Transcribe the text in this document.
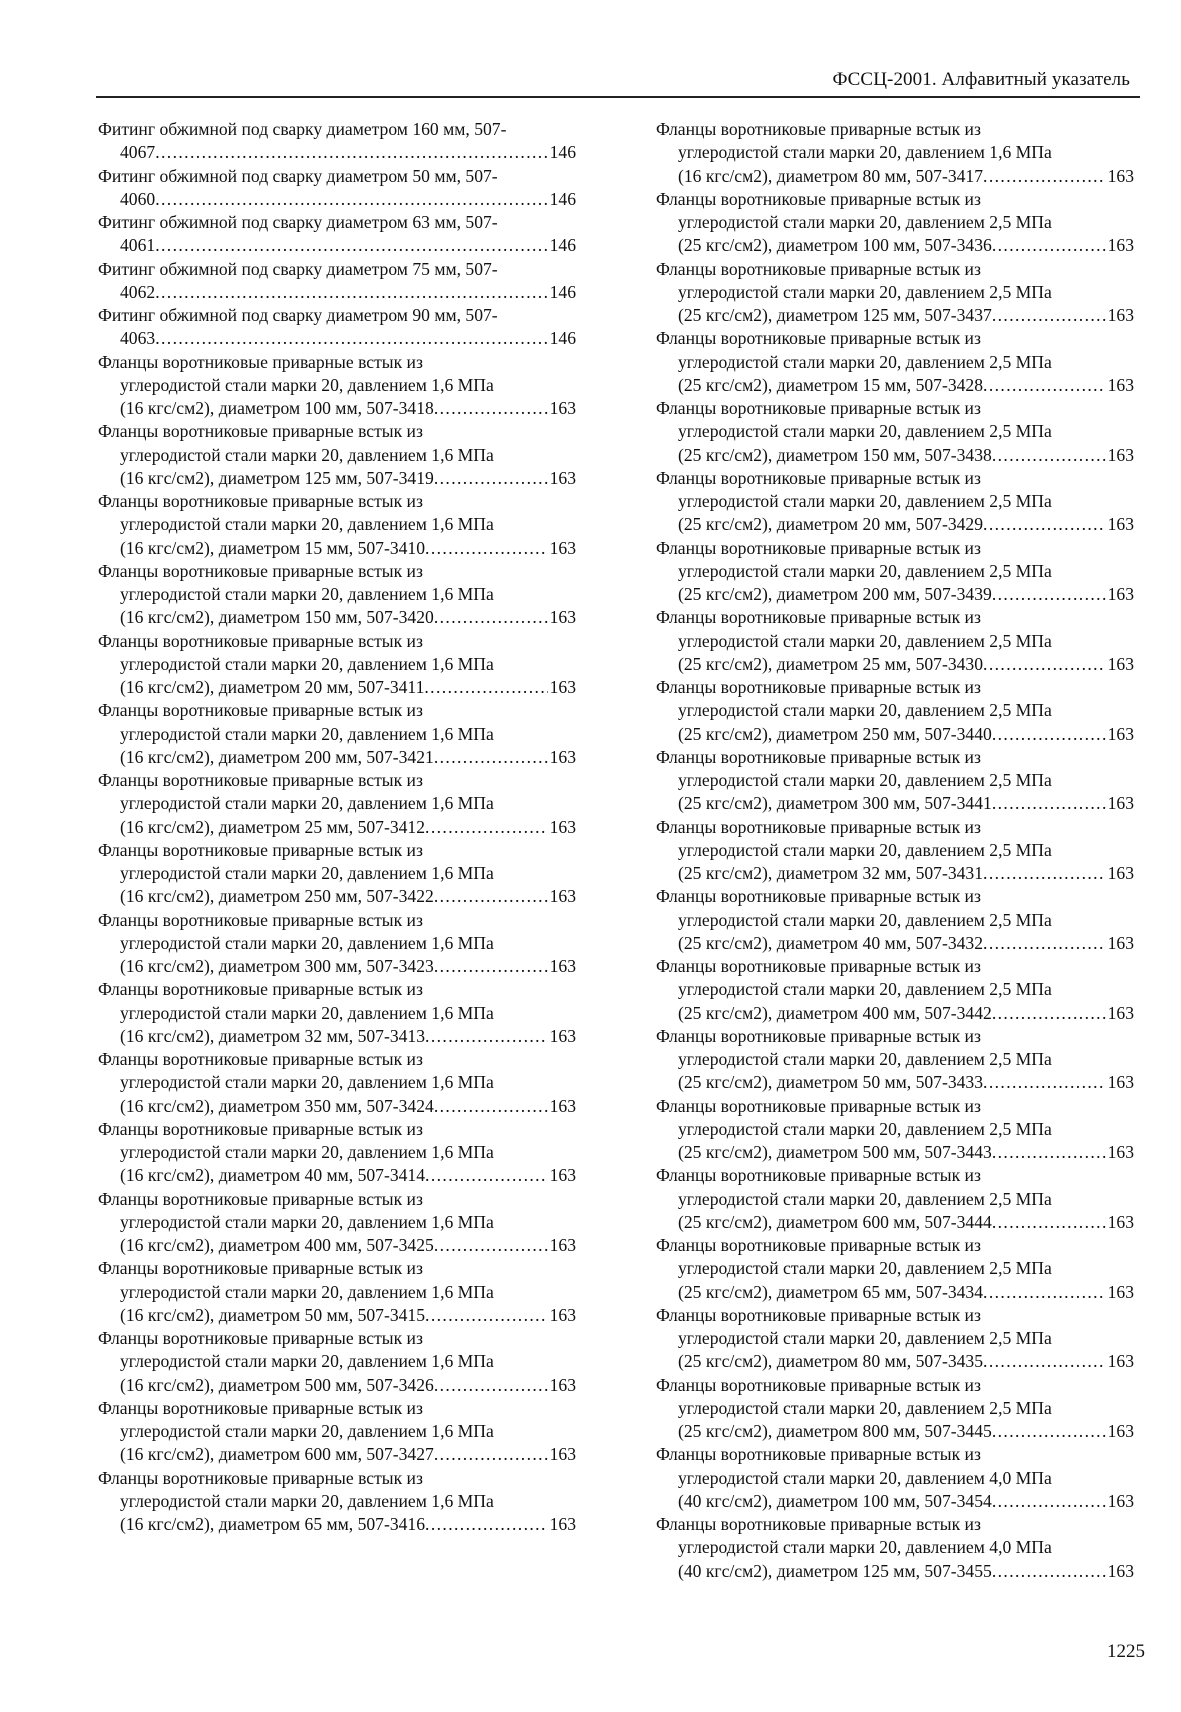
ФССЦ-2001. Алфавитный указатель
Фитинг обжимной под сварку диаметром 160 мм, 507-
4067 . . .	146
Фитинг обжимной под сварку диаметром 50 мм, 507-
4060 . . .	146
Фитинг обжимной под сварку диаметром 63 мм, 507-
4061 . . .	146
Фитинг обжимной под сварку диаметром 75 мм, 507-
4062 . . .	146
Фитинг обжимной под сварку диаметром 90 мм, 507-
4063 . . .	146
Фланцы воротниковые приварные встык из
углеродистой стали марки 20, давлением 1,6 МПа
(16 кгс/см2), диаметром 100 мм, 507-3418 . . .	163
Фланцы воротниковые приварные встык из
углеродистой стали марки 20, давлением 1,6 МПа
(16 кгс/см2), диаметром 125 мм, 507-3419 . . .	163
Фланцы воротниковые приварные встык из
углеродистой стали марки 20, давлением 1,6 МПа
(16 кгс/см2), диаметром 15 мм, 507-3410 . . .	163
Фланцы воротниковые приварные встык из
углеродистой стали марки 20, давлением 1,6 МПа
(16 кгс/см2), диаметром 150 мм, 507-3420 . . .	163
Фланцы воротниковые приварные встык из
углеродистой стали марки 20, давлением 1,6 МПа
(16 кгс/см2), диаметром 20 мм, 507-3411 . . .	163
Фланцы воротниковые приварные встык из
углеродистой стали марки 20, давлением 1,6 МПа
(16 кгс/см2), диаметром 200 мм, 507-3421 . . .	163
Фланцы воротниковые приварные встык из
углеродистой стали марки 20, давлением 1,6 МПа
(16 кгс/см2), диаметром 25 мм, 507-3412 . . .	163
Фланцы воротниковые приварные встык из
углеродистой стали марки 20, давлением 1,6 МПа
(16 кгс/см2), диаметром 250 мм, 507-3422 . . .	163
Фланцы воротниковые приварные встык из
углеродистой стали марки 20, давлением 1,6 МПа
(16 кгс/см2), диаметром 300 мм, 507-3423 . . .	163
Фланцы воротниковые приварные встык из
углеродистой стали марки 20, давлением 1,6 МПа
(16 кгс/см2), диаметром 32 мм, 507-3413 . . .	163
Фланцы воротниковые приварные встык из
углеродистой стали марки 20, давлением 1,6 МПа
(16 кгс/см2), диаметром 350 мм, 507-3424 . . .	163
Фланцы воротниковые приварные встык из
углеродистой стали марки 20, давлением 1,6 МПа
(16 кгс/см2), диаметром 40 мм, 507-3414 . . .	163
Фланцы воротниковые приварные встык из
углеродистой стали марки 20, давлением 1,6 МПа
(16 кгс/см2), диаметром 400 мм, 507-3425 . . .	163
Фланцы воротниковые приварные встык из
углеродистой стали марки 20, давлением 1,6 МПа
(16 кгс/см2), диаметром 50 мм, 507-3415 . . .	163
Фланцы воротниковые приварные встык из
углеродистой стали марки 20, давлением 1,6 МПа
(16 кгс/см2), диаметром 500 мм, 507-3426 . . .	163
Фланцы воротниковые приварные встык из
углеродистой стали марки 20, давлением 1,6 МПа
(16 кгс/см2), диаметром 600 мм, 507-3427 . . .	163
Фланцы воротниковые приварные встык из
углеродистой стали марки 20, давлением 1,6 МПа
(16 кгс/см2), диаметром 65 мм, 507-3416 . . .	163
Фланцы воротниковые приварные встык из
углеродистой стали марки 20, давлением 1,6 МПа
(16 кгс/см2), диаметром 80 мм, 507-3417 . . .	163
Фланцы воротниковые приварные встык из
углеродистой стали марки 20, давлением 2,5 МПа
(25 кгс/см2), диаметром 100 мм, 507-3436 . . .	163
Фланцы воротниковые приварные встык из
углеродистой стали марки 20, давлением 2,5 МПа
(25 кгс/см2), диаметром 125 мм, 507-3437 . . .	163
Фланцы воротниковые приварные встык из
углеродистой стали марки 20, давлением 2,5 МПа
(25 кгс/см2), диаметром 15 мм, 507-3428 . . .	163
Фланцы воротниковые приварные встык из
углеродистой стали марки 20, давлением 2,5 МПа
(25 кгс/см2), диаметром 150 мм, 507-3438 . . .	163
Фланцы воротниковые приварные встык из
углеродистой стали марки 20, давлением 2,5 МПа
(25 кгс/см2), диаметром 20 мм, 507-3429 . . .	163
Фланцы воротниковые приварные встык из
углеродистой стали марки 20, давлением 2,5 МПа
(25 кгс/см2), диаметром 200 мм, 507-3439 . . .	163
Фланцы воротниковые приварные встык из
углеродистой стали марки 20, давлением 2,5 МПа
(25 кгс/см2), диаметром 25 мм, 507-3430 . . .	163
Фланцы воротниковые приварные встык из
углеродистой стали марки 20, давлением 2,5 МПа
(25 кгс/см2), диаметром 250 мм, 507-3440 . . .	163
Фланцы воротниковые приварные встык из
углеродистой стали марки 20, давлением 2,5 МПа
(25 кгс/см2), диаметром 300 мм, 507-3441 . . .	163
Фланцы воротниковые приварные встык из
углеродистой стали марки 20, давлением 2,5 МПа
(25 кгс/см2), диаметром 32 мм, 507-3431 . . .	163
Фланцы воротниковые приварные встык из
углеродистой стали марки 20, давлением 2,5 МПа
(25 кгс/см2), диаметром 40 мм, 507-3432 . . .	163
Фланцы воротниковые приварные встык из
углеродистой стали марки 20, давлением 2,5 МПа
(25 кгс/см2), диаметром 400 мм, 507-3442 . . .	163
Фланцы воротниковые приварные встык из
углеродистой стали марки 20, давлением 2,5 МПа
(25 кгс/см2), диаметром 50 мм, 507-3433 . . .	163
Фланцы воротниковые приварные встык из
углеродистой стали марки 20, давлением 2,5 МПа
(25 кгс/см2), диаметром 500 мм, 507-3443 . . .	163
Фланцы воротниковые приварные встык из
углеродистой стали марки 20, давлением 2,5 МПа
(25 кгс/см2), диаметром 600 мм, 507-3444 . . .	163
Фланцы воротниковые приварные встык из
углеродистой стали марки 20, давлением 2,5 МПа
(25 кгс/см2), диаметром 65 мм, 507-3434 . . .	163
Фланцы воротниковые приварные встык из
углеродистой стали марки 20, давлением 2,5 МПа
(25 кгс/см2), диаметром 80 мм, 507-3435 . . .	163
Фланцы воротниковые приварные встык из
углеродистой стали марки 20, давлением 2,5 МПа
(25 кгс/см2), диаметром 800 мм, 507-3445 . . .	163
Фланцы воротниковые приварные встык из
углеродистой стали марки 20, давлением 4,0 МПа
(40 кгс/см2), диаметром 100 мм, 507-3454 . . .	163
Фланцы воротниковые приварные встык из
углеродистой стали марки 20, давлением 4,0 МПа
(40 кгс/см2), диаметром 125 мм, 507-3455 . . .	163
1225
